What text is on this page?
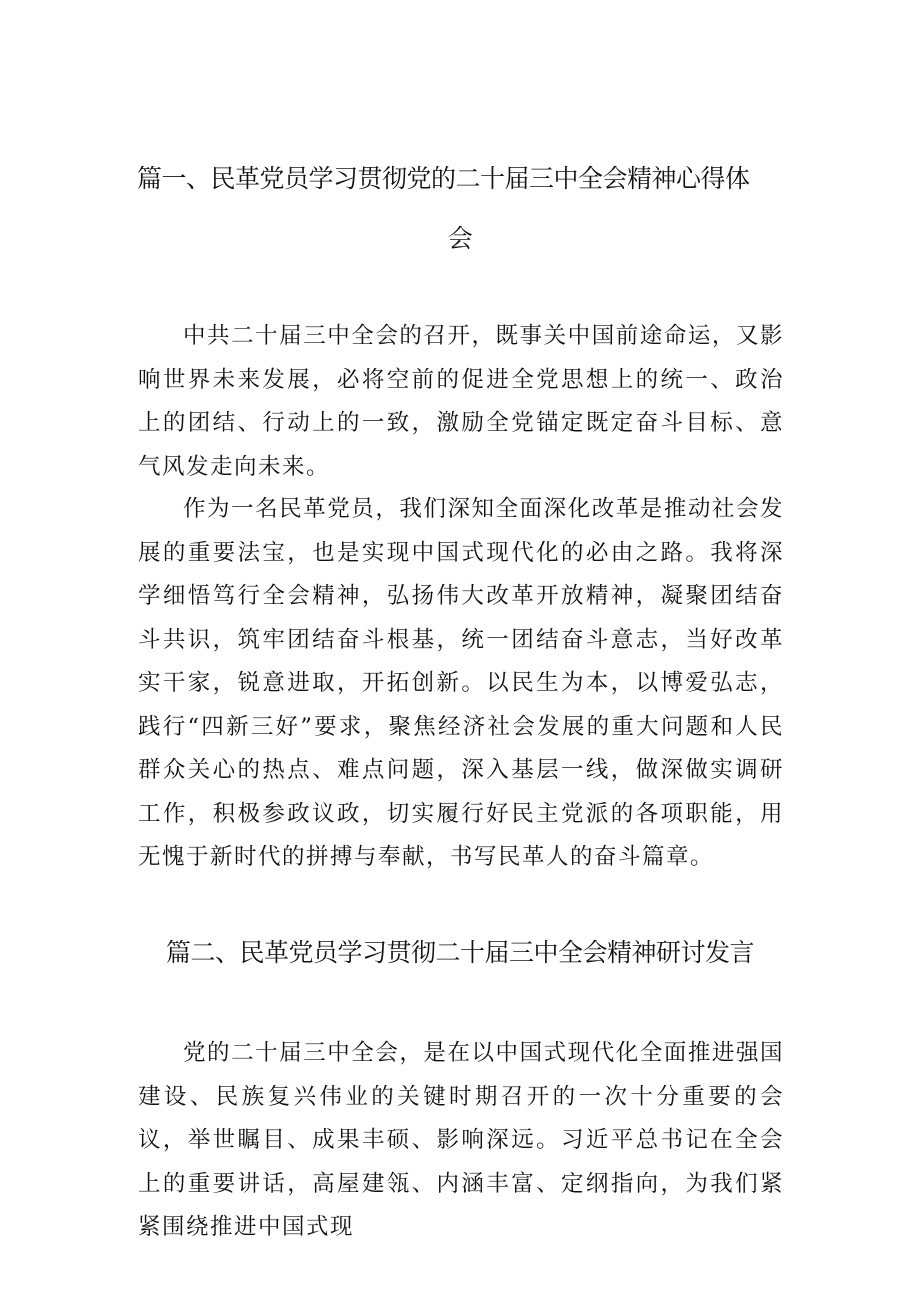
篇一、民革党员学习贯彻党的二十届三中全会精神心得体
会

中共二十届三中全会的召开，既事关中国前途命运，又影响世界未来发展，必将空前的促进全党思想上的统一、政治上的团结、行动上的一致，激励全党锚定既定奋斗目标、意气风发走向未来。

作为一名民革党员，我们深知全面深化改革是推动社会发展的重要法宝，也是实现中国式现代化的必由之路。我将深学细悟笃行全会精神，弘扬伟大改革开放精神，凝聚团结奋斗共识，筑牢团结奋斗根基，统一团结奋斗意志，当好改革实干家，锐意进取，开拓创新。以民生为本，以博爱弘志，践行“四新三好”要求，聚焦经济社会发展的重大问题和人民群众关心的热点、难点问题，深入基层一线，做深做实调研工作，积极参政议政，切实履行好民主党派的各项职能，用无愧于新时代的拼搏与奉献，书写民革人的奋斗篇章。

篇二、民革党员学习贯彻二十届三中全会精神研讨发言

党的二十届三中全会，是在以中国式现代化全面推进强国建设、民族复兴伟业的关键时期召开的一次十分重要的会议，举世瞩目、成果丰硕、影响深远。习近平总书记在全会上的重要讲话，高屋建瓴、内涵丰富、定纲指向，为我们紧紧围绕推进中国式现
